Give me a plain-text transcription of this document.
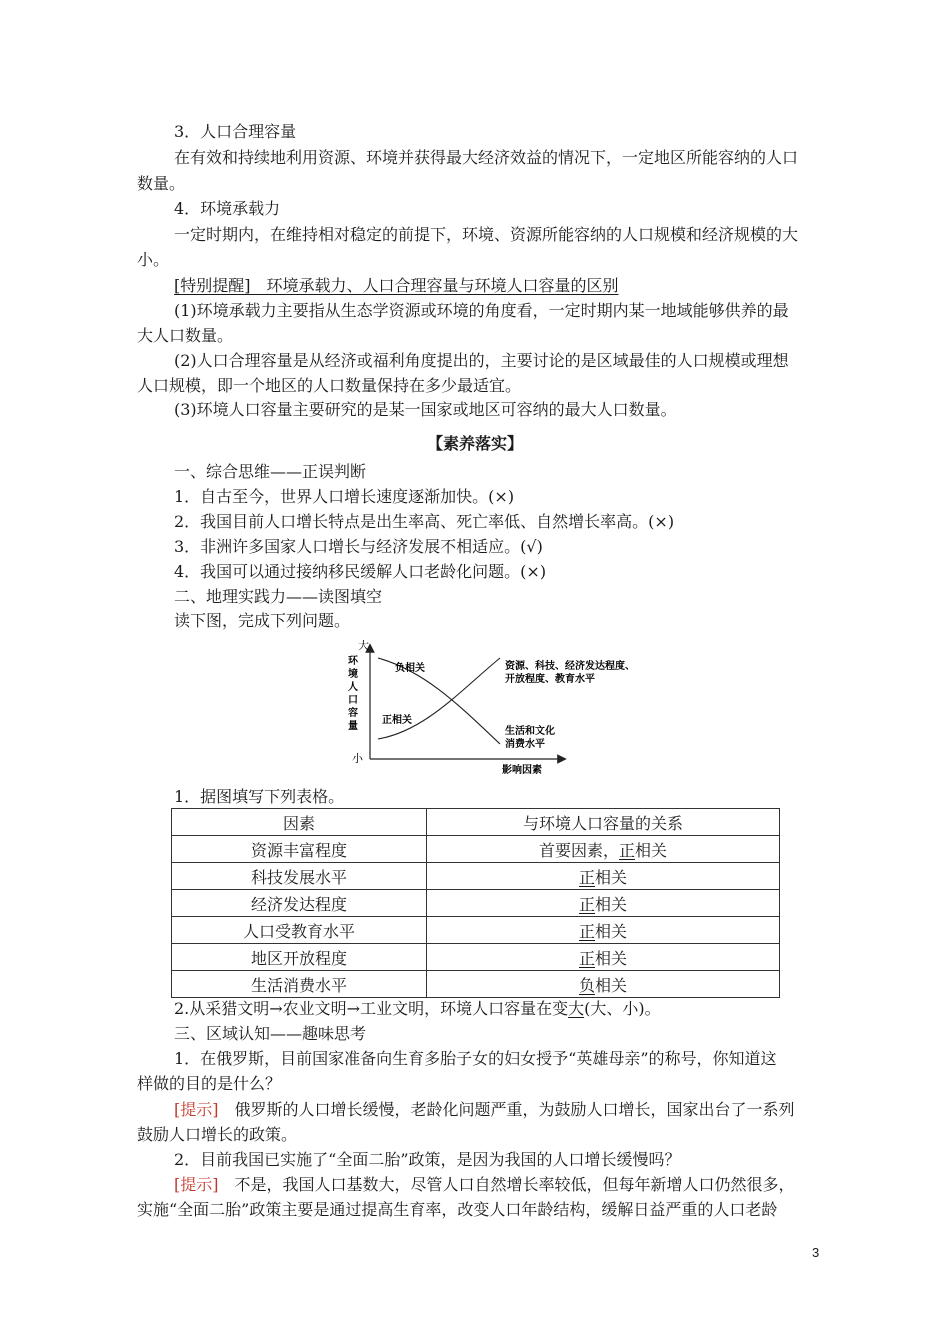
3．人口合理容量
在有效和持续地利用资源、环境并获得最大经济效益的情况下，一定地区所能容纳的人口
数量。
4．环境承载力
一定时期内，在维持相对稳定的前提下，环境、资源所能容纳的人口规模和经济规模的大
小。
[特别提醒]　环境承载力、人口合理容量与环境人口容量的区别
(1)环境承载力主要指从生态学资源或环境的角度看，一定时期内某一地域能够供养的最
大人口数量。
(2)人口合理容量是从经济或福利角度提出的，主要讨论的是区域最佳的人口规模或理想
人口规模，即一个地区的人口数量保持在多少最适宜。
(3)环境人口容量主要研究的是某一国家或地区可容纳的最大人口数量。
【素养落实】
一、综合思维——正误判断
1．自古至今，世界人口增长速度逐渐加快。(×)
2．我国目前人口增长特点是出生率高、死亡率低、自然增长率高。(×)
3．非洲许多国家人口增长与经济发展不相适应。(√)
4．我国可以通过接纳移民缓解人口老龄化问题。(×)
二、地理实践力——读图填空
读下图，完成下列问题。
大
小
环
境
人
口
容
量
负相关
正相关
资源、科技、经济发达程度、
开放程度、教育水平
生活和文化
消费水平
影响因素
1．据图填写下列表格。
因素	与环境人口容量的关系
资源丰富程度	首要因素，正相关
科技发展水平	正相关
经济发达程度	正相关
人口受教育水平	正相关
地区开放程度	正相关
生活消费水平	负相关
2.从采猎文明→农业文明→工业文明，环境人口容量在变大(大、小)。
三、区域认知——趣味思考
1．在俄罗斯，目前国家准备向生育多胎子女的妇女授予“英雄母亲”的称号，你知道这
样做的目的是什么？
[提示]　 俄罗斯的人口增长缓慢，老龄化问题严重，为鼓励人口增长，国家出台了一系列
鼓励人口增长的政策。
2．目前我国已实施了“全面二胎”政策，是因为我国的人口增长缓慢吗？
[提示]　 不是，我国人口基数大，尽管人口自然增长率较低，但每年新增人口仍然很多，
实施“全面二胎”政策主要是通过提高生育率，改变人口年龄结构，缓解日益严重的人口老龄
3
